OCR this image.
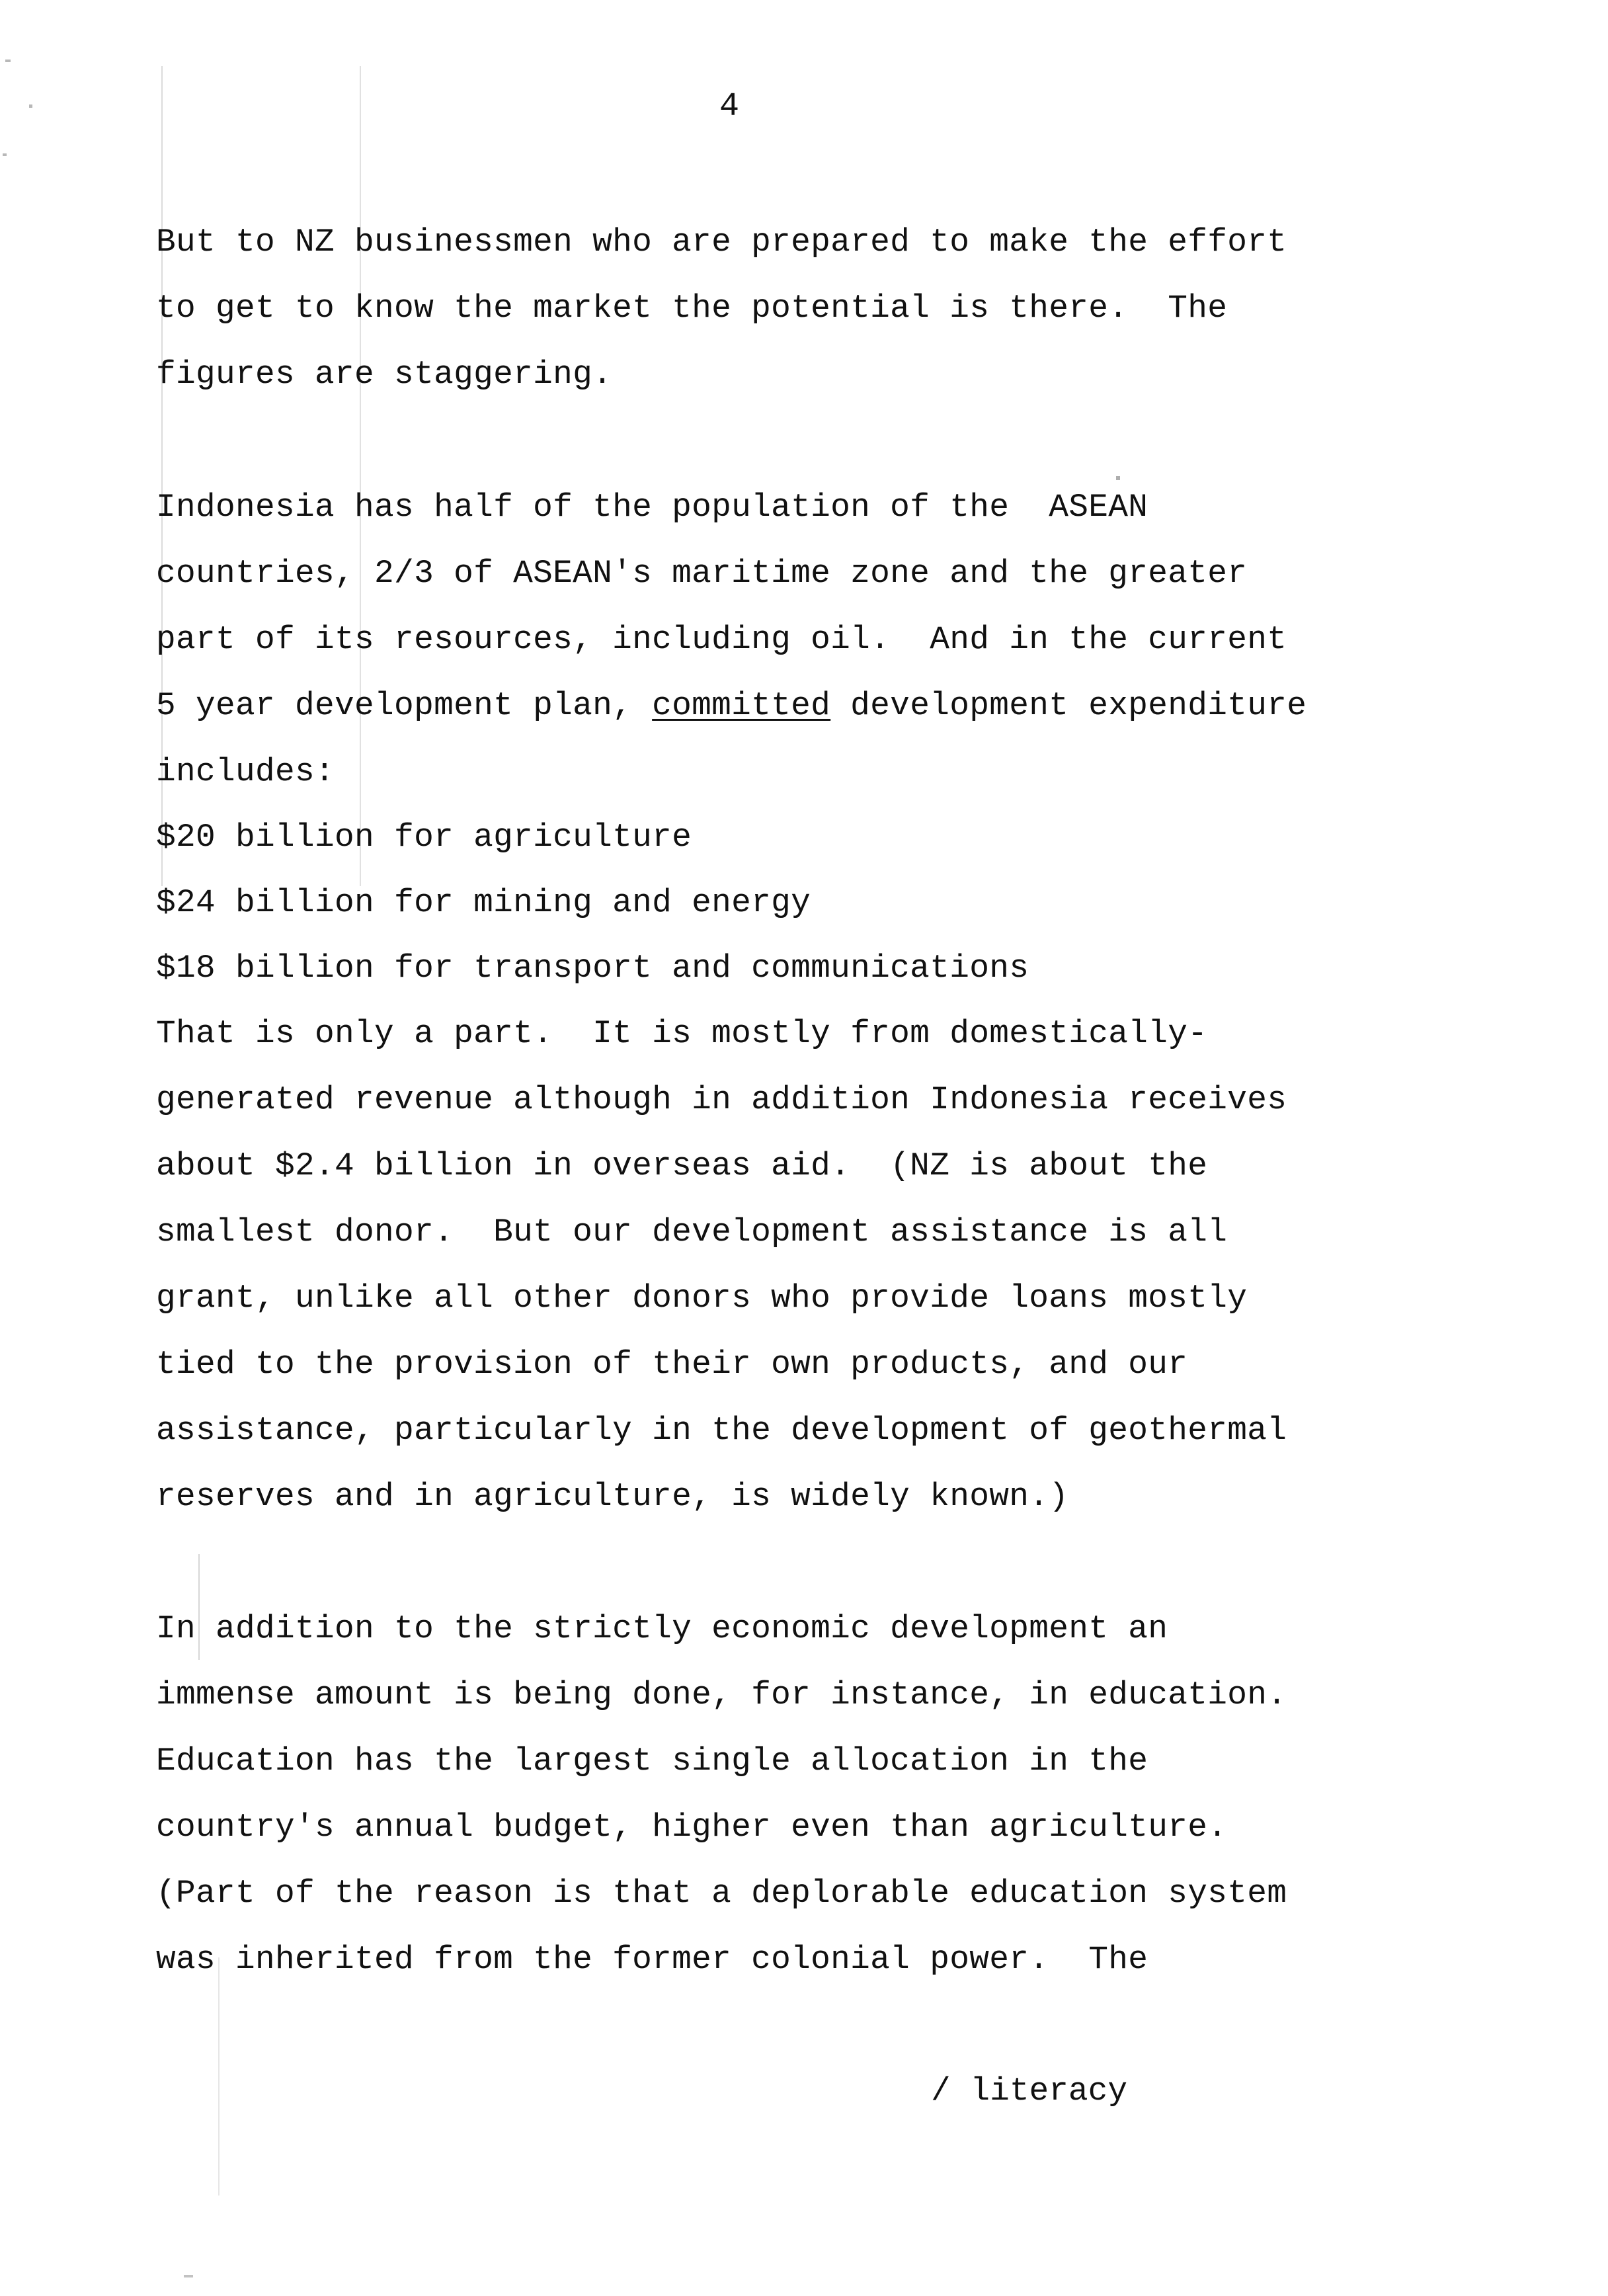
4
But to NZ businessmen who are prepared to make the effort
to get to know the market the potential is there.  The
figures are staggering.
Indonesia has half of the population of the  ASEAN
countries, 2/3 of ASEAN's maritime zone and the greater
part of its resources, including oil.  And in the current
5 year development plan, committed development expenditure
includes:
$20 billion for agriculture
$24 billion for mining and energy
$18 billion for transport and communications
That is only a part.  It is mostly from domestically-
generated revenue although in addition Indonesia receives
about $2.4 billion in overseas aid.  (NZ is about the
smallest donor.  But our development assistance is all
grant, unlike all other donors who provide loans mostly
tied to the provision of their own products, and our
assistance, particularly in the development of geothermal
reserves and in agriculture, is widely known.)
In addition to the strictly economic development an
immense amount is being done, for instance, in education.
Education has the largest single allocation in the
country's annual budget, higher even than agriculture.
(Part of the reason is that a deplorable education system
was inherited from the former colonial power.  The
/ literacy
